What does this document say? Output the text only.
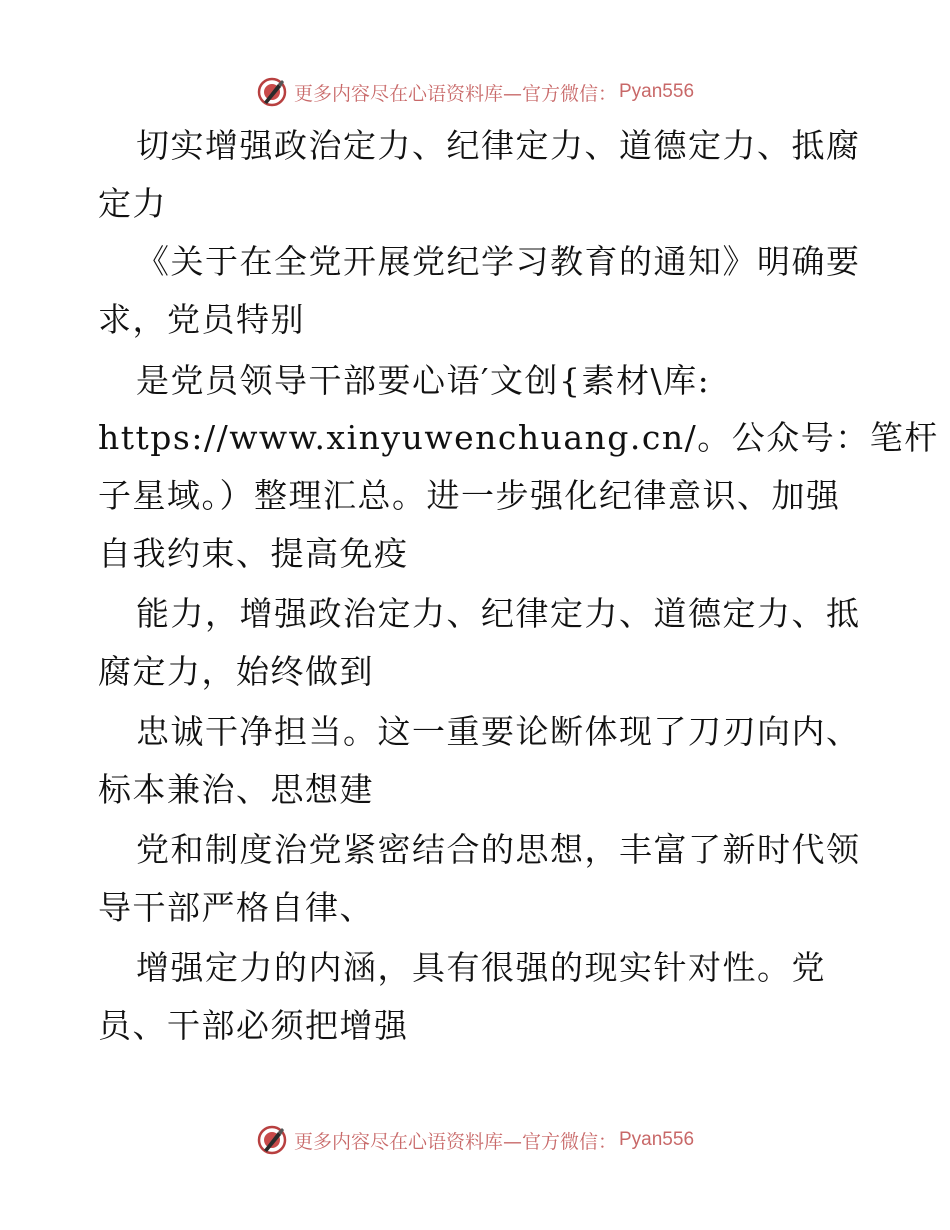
更多内容尽在心语资料库—官方微信： Pyan556
切实增强政治定力、纪律定力、道德定力、抵腐
定力
《关于在全党开展党纪学习教育的通知》明确要
求，党员特别
是党员领导干部要心语′文创{素材\库:
https://www.xinyuwenchuang.cn/。公众号：笔杆
子星域。）整理汇总。进一步强化纪律意识、加强
自我约束、提高免疫
能力，增强政治定力、纪律定力、道德定力、抵
腐定力，始终做到
忠诚干净担当。这一重要论断体现了刀刃向内、
标本兼治、思想建
党和制度治党紧密结合的思想，丰富了新时代领
导干部严格自律、
增强定力的内涵，具有很强的现实针对性。党
员、干部必须把增强
更多内容尽在心语资料库—官方微信： Pyan556
